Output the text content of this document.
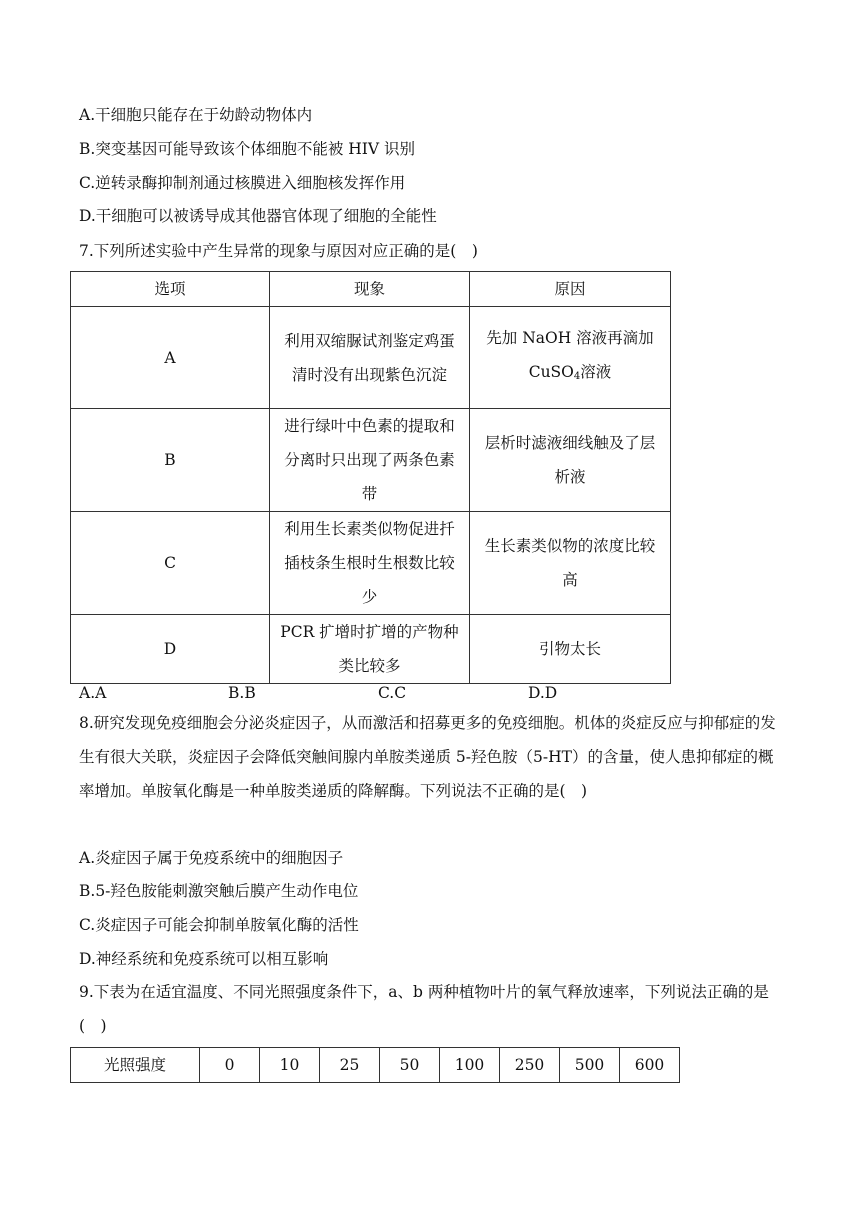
A.干细胞只能存在于幼龄动物体内
B.突变基因可能导致该个体细胞不能被 HIV 识别
C.逆转录酶抑制剂通过核膜进入细胞核发挥作用
D.干细胞可以被诱导成其他器官体现了细胞的全能性
7.下列所述实验中产生异常的现象与原因对应正确的是(　)
选项	现象	原因
A	利用双缩脲试剂鉴定鸡蛋清时没有出现紫色沉淀	先加 NaOH 溶液再滴加 CuSO$_4$溶液
B	进行绿叶中色素的提取和分离时只出现了两条色素带	层析时滤液细线触及了层析液
C	利用生长素类似物促进扦插枝条生根时生根数比较少	生长素类似物的浓度比较高
D	PCR 扩增时扩增的产物种类比较多	引物太长
A.A	B.B	C.C	D.D
8.研究发现免疫细胞会分泌炎症因子，从而激活和招募更多的免疫细胞。机体的炎症反应与抑郁症的发生有很大关联，炎症因子会降低突触间腺内单胺类递质 5-羟色胺（5-HT）的含量，使人患抑郁症的概率增加。单胺氧化酶是一种单胺类递质的降解酶。下列说法不正确的是(　)
A.炎症因子属于免疫系统中的细胞因子
B.5-羟色胺能刺激突触后膜产生动作电位
C.炎症因子可能会抑制单胺氧化酶的活性
D.神经系统和免疫系统可以相互影响
9.下表为在适宜温度、不同光照强度条件下，a、b 两种植物叶片的氧气释放速率，下列说法正确的是(　)
光照强度	0	10	25	50	100	250	500	600
